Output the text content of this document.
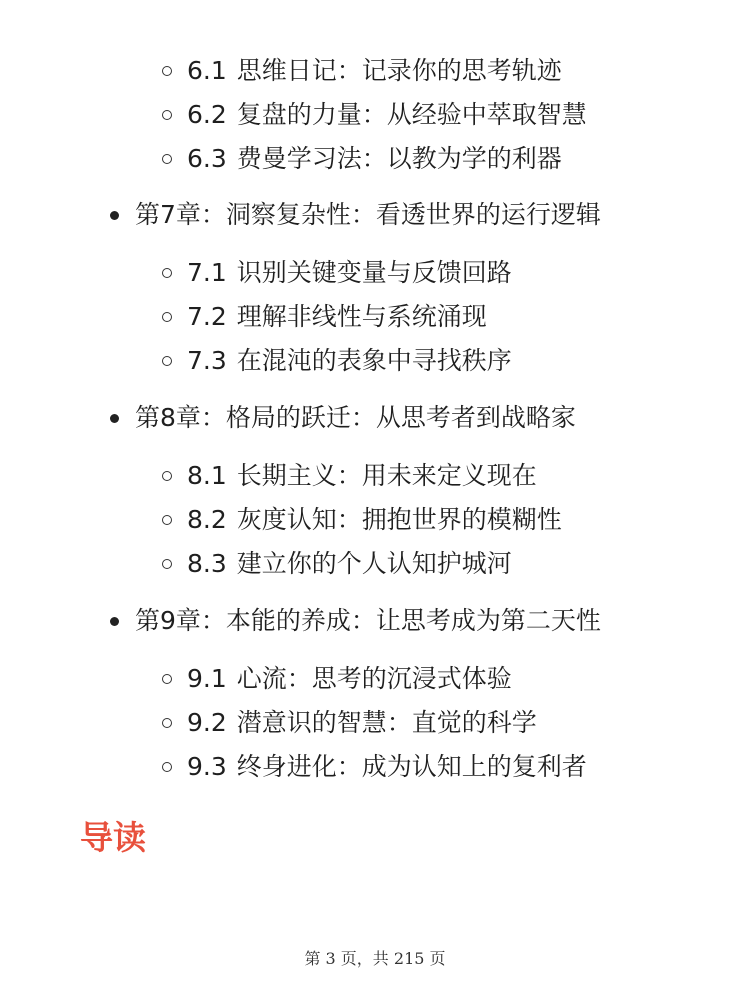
6.1 思维日记：记录你的思考轨迹
6.2 复盘的力量：从经验中萃取智慧
6.3 费曼学习法：以教为学的利器
第7章：洞察复杂性：看透世界的运行逻辑
7.1 识别关键变量与反馈回路
7.2 理解非线性与系统涌现
7.3 在混沌的表象中寻找秩序
第8章：格局的跃迁：从思考者到战略家
8.1 长期主义：用未来定义现在
8.2 灰度认知：拥抱世界的模糊性
8.3 建立你的个人认知护城河
第9章：本能的养成：让思考成为第二天性
9.1 心流：思考的沉浸式体验
9.2 潜意识的智慧：直觉的科学
9.3 终身进化：成为认知上的复利者
导读
第 3 页，共 215 页
